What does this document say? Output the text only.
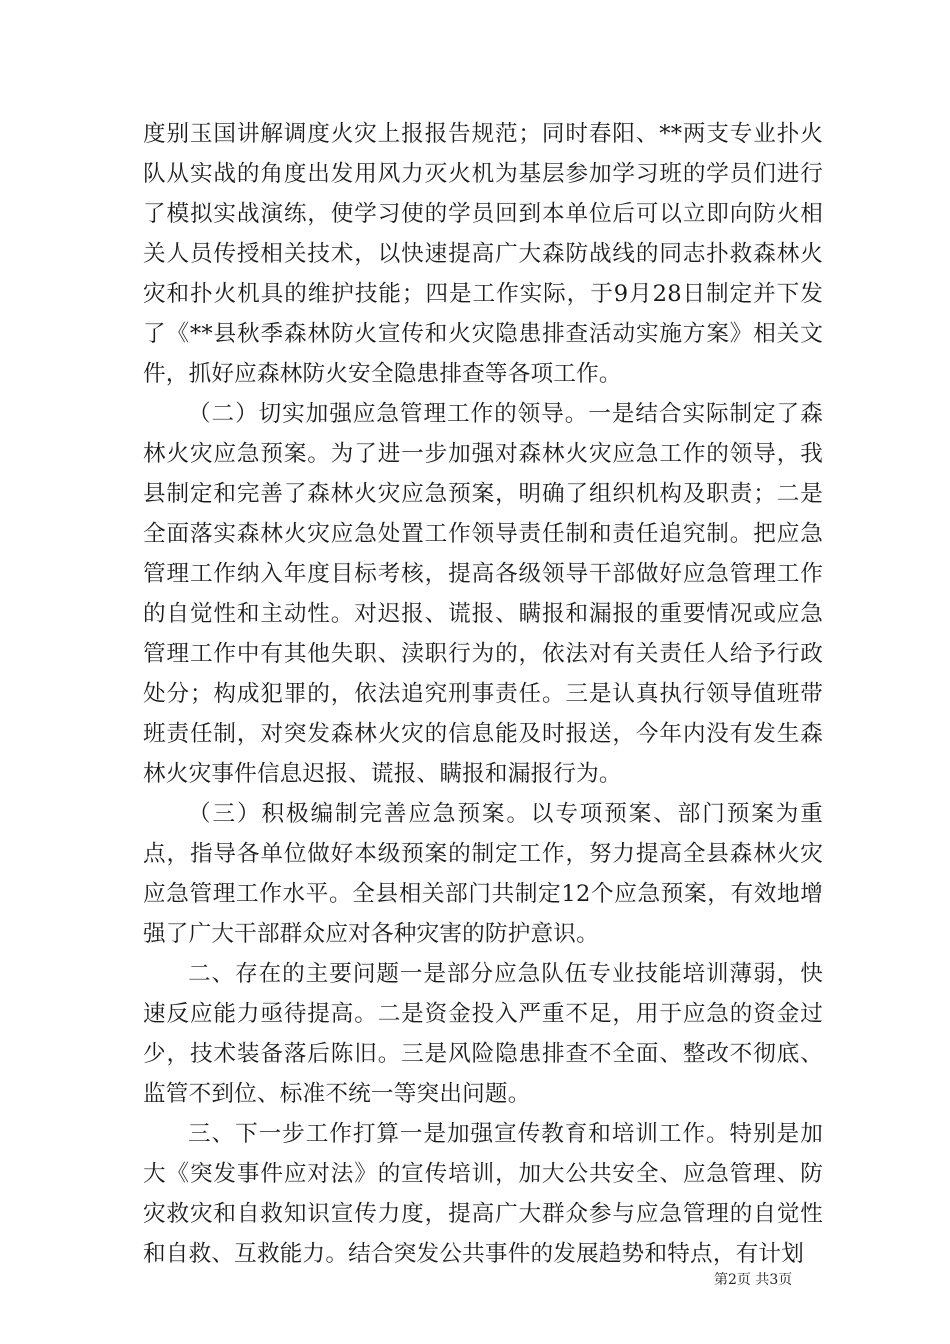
度别玉国讲解调度火灾上报报告规范；同时春阳、**两支专业扑火队从实战的角度出发用风力灭火机为基层参加学习班的学员们进行了模拟实战演练，使学习使的学员回到本单位后可以立即向防火相关人员传授相关技术，以快速提高广大森防战线的同志扑救森林火灾和扑火机具的维护技能；四是工作实际，于9月28日制定并下发了《**县秋季森林防火宣传和火灾隐患排查活动实施方案》相关文件，抓好应森林防火安全隐患排查等各项工作。

（二）切实加强应急管理工作的领导。一是结合实际制定了森林火灾应急预案。为了进一步加强对森林火灾应急工作的领导，我县制定和完善了森林火灾应急预案，明确了组织机构及职责；二是全面落实森林火灾应急处置工作领导责任制和责任追究制。把应急管理工作纳入年度目标考核，提高各级领导干部做好应急管理工作的自觉性和主动性。对迟报、谎报、瞒报和漏报的重要情况或应急管理工作中有其他失职、渎职行为的，依法对有关责任人给予行政处分；构成犯罪的，依法追究刑事责任。三是认真执行领导值班带班责任制，对突发森林火灾的信息能及时报送，今年内没有发生森林火灾事件信息迟报、谎报、瞒报和漏报行为。

（三）积极编制完善应急预案。以专项预案、部门预案为重点，指导各单位做好本级预案的制定工作，努力提高全县森林火灾应急管理工作水平。全县相关部门共制定12个应急预案，有效地增强了广大干部群众应对各种灾害的防护意识。

二、存在的主要问题一是部分应急队伍专业技能培训薄弱，快速反应能力亟待提高。二是资金投入严重不足，用于应急的资金过少，技术装备落后陈旧。三是风险隐患排查不全面、整改不彻底、监管不到位、标准不统一等突出问题。

三、下一步工作打算一是加强宣传教育和培训工作。特别是加大《突发事件应对法》的宣传培训，加大公共安全、应急管理、防灾救灾和自救知识宣传力度，提高广大群众参与应急管理的自觉性和自救、互救能力。结合突发公共事件的发展趋势和特点，有计划

第2页 共3页
